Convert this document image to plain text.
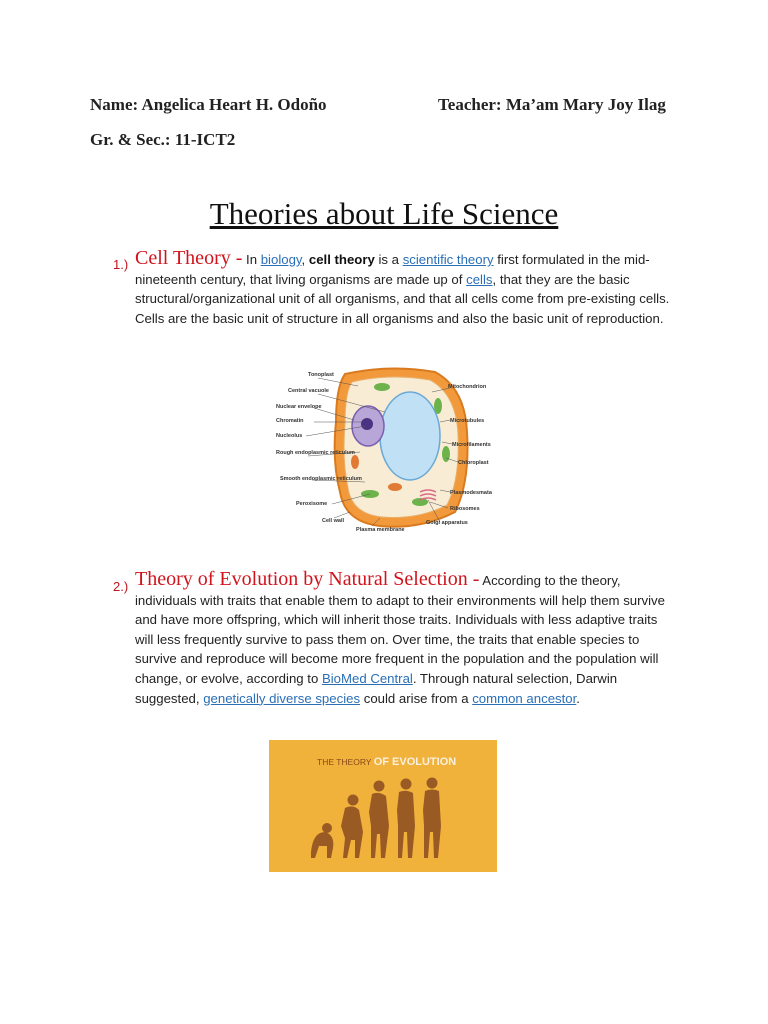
Name: Angelica Heart H. Odoño	Teacher: Ma’am Mary Joy Ilag
Gr. & Sec.: 11-ICT2
Theories about Life Science
1.) Cell Theory - In biology, cell theory is a scientific theory first formulated in the mid-nineteenth century, that living organisms are made up of cells, that they are the basic structural/organizational unit of all organisms, and that all cells come from pre-existing cells. Cells are the basic unit of structure in all organisms and also the basic unit of reproduction.
Tonoplast
Central vacuole
Nuclear envelope
Chromatin
Nucleolus
Rough endoplasmic reticulum
Smooth endoplasmic reticulum
Peroxisome
Cell wall
Plasma membrane
Mitochondrion
Microtubules
Microfilaments
Chloroplast
Plasmodesmata
Ribosomes
Golgi apparatus
2.) Theory of Evolution by Natural Selection - According to the theory, individuals with traits that enable them to adapt to their environments will help them survive and have more offspring, which will inherit those traits. Individuals with less adaptive traits will less frequently survive to pass them on. Over time, the traits that enable species to survive and reproduce will become more frequent in the population and the population will change, or evolve, according to BioMed Central. Through natural selection, Darwin suggested, genetically diverse species could arise from a common ancestor.
THE THEORY OF EVOLUTION
